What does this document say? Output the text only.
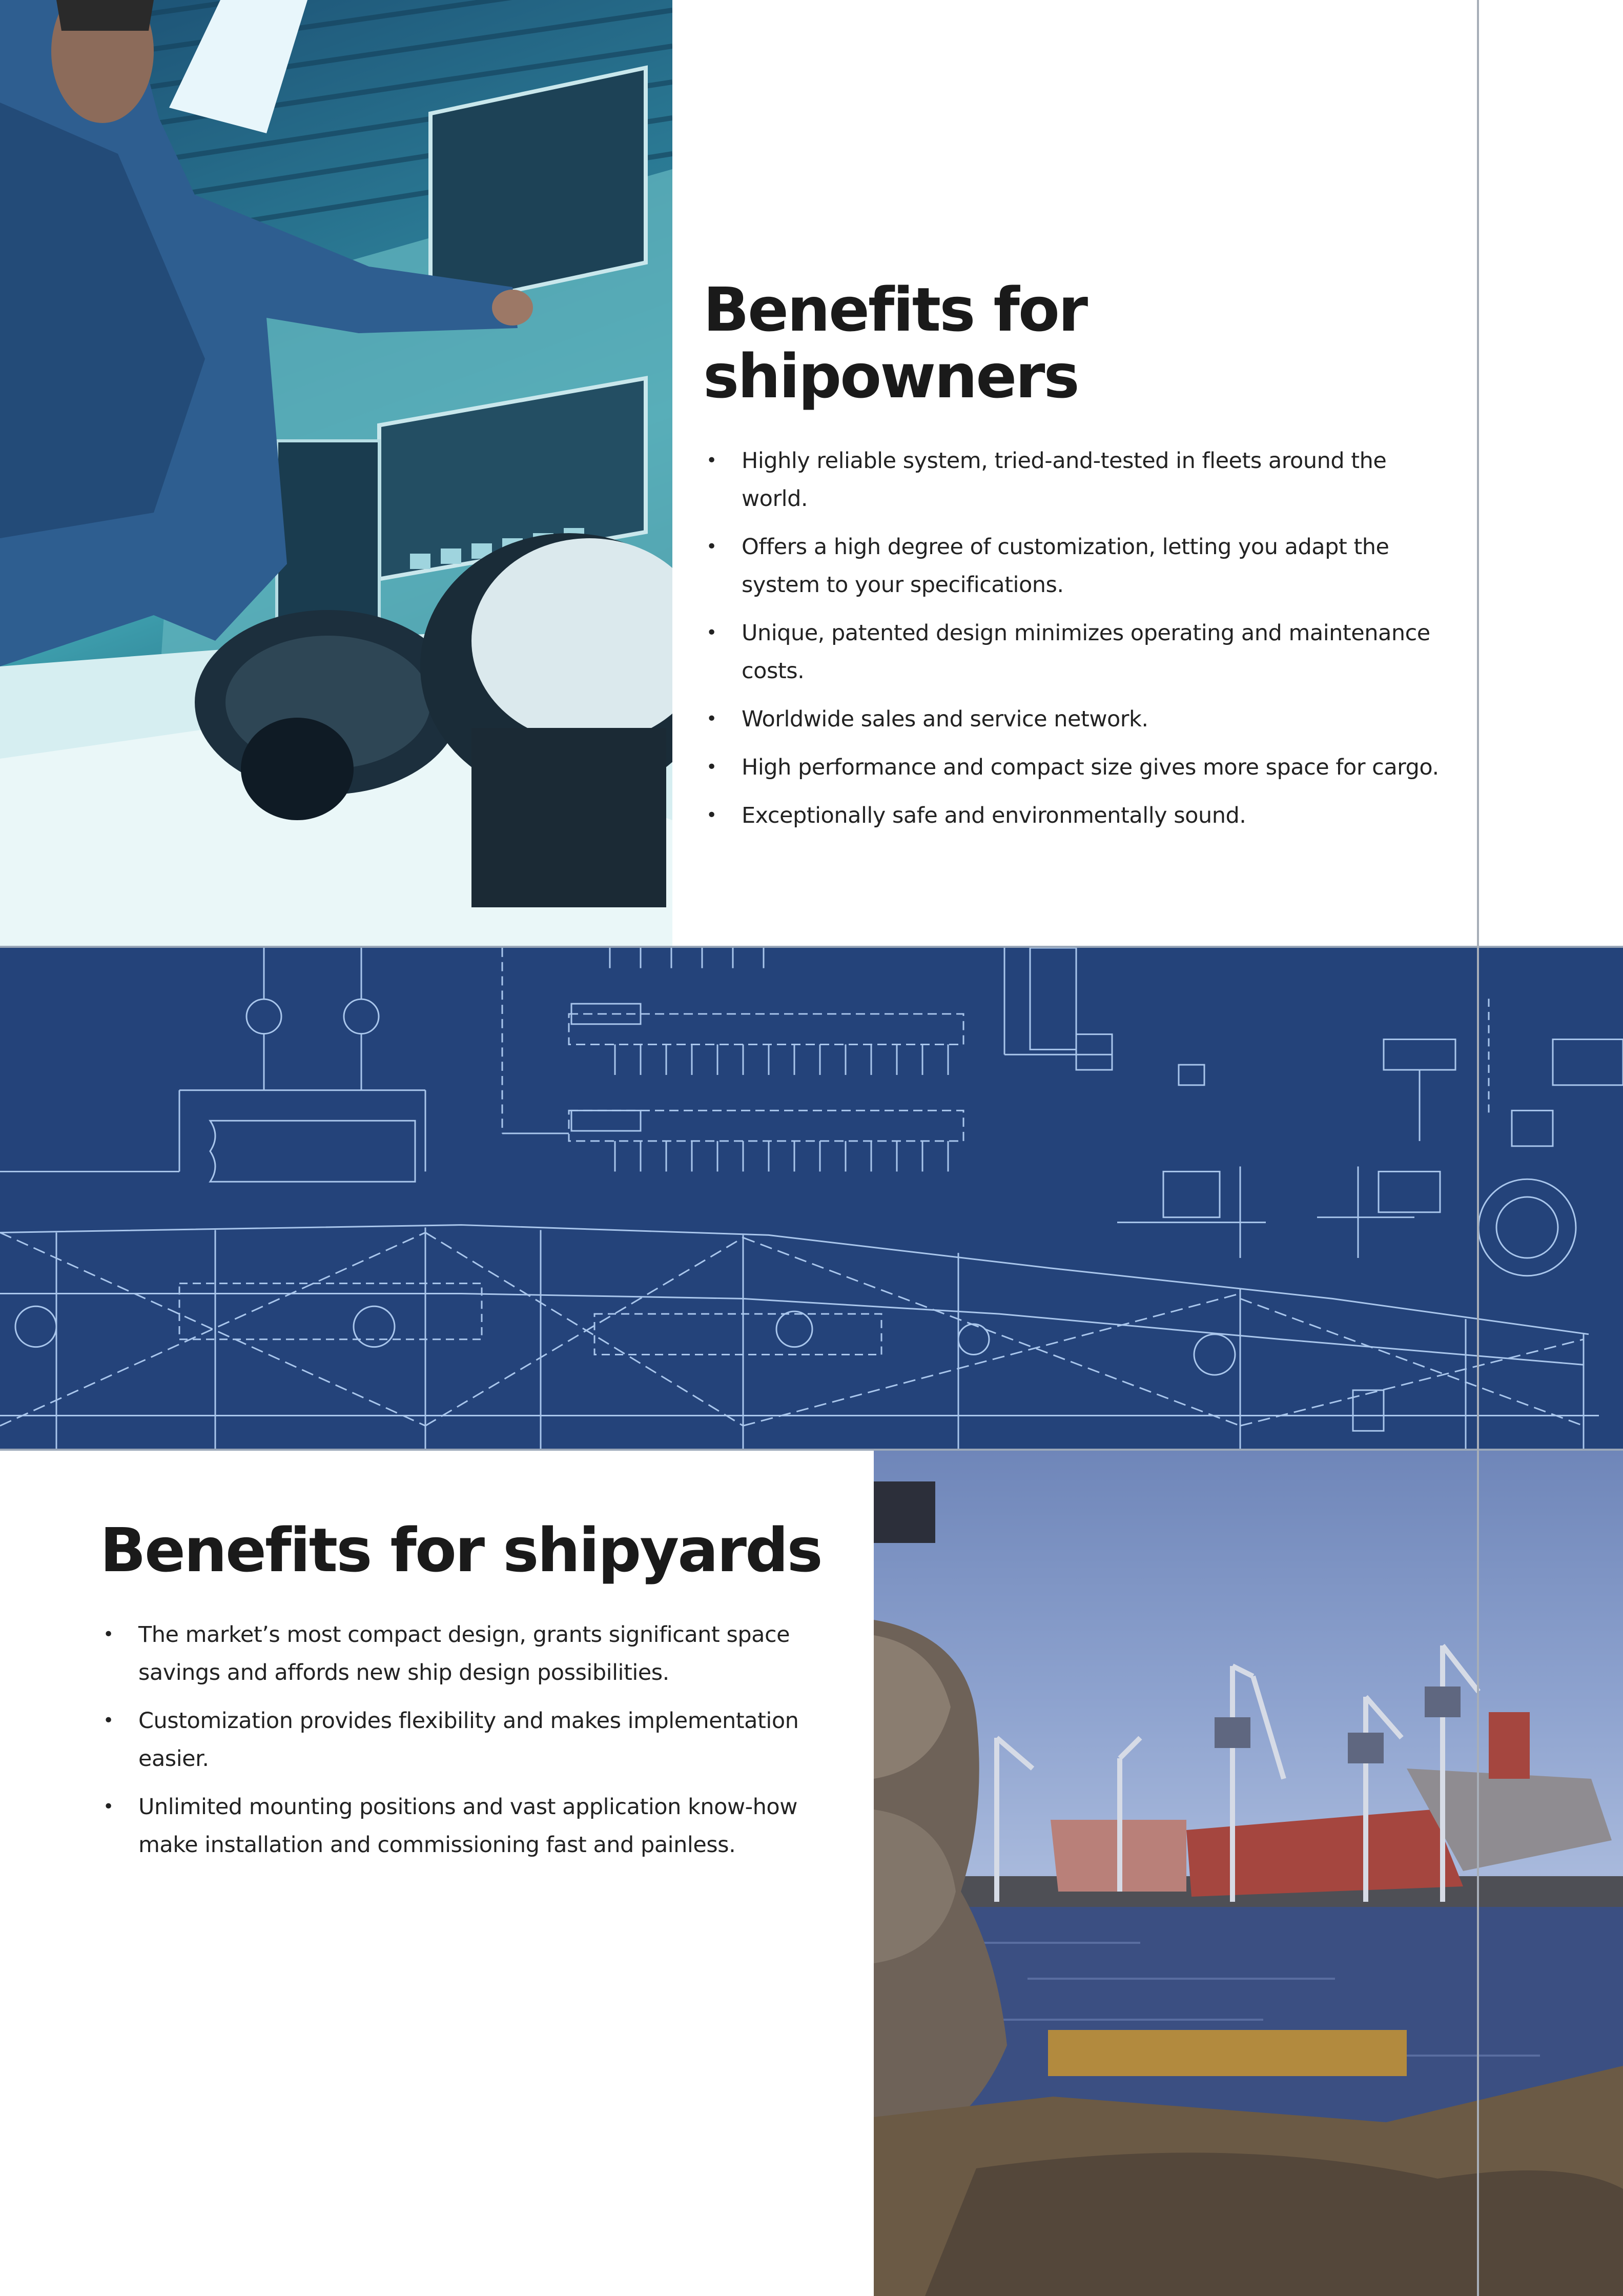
Benefits for shipowners
• Highly reliable system, tried-and-tested in fleets around the world.
• Offers a high degree of customization, letting you adapt the system to your specifications.
• Unique, patented design minimizes operating and maintenance costs.
• Worldwide sales and service network.
• High performance and compact size gives more space for cargo.
• Exceptionally safe and environmentally sound.
Benefits for shipyards
• The market’s most compact design, grants significant space savings and affords new ship design possibilities.
• Customization provides flexibility and makes implementation easier.
• Unlimited mounting positions and vast application know-how make installation and commissioning fast and painless.
